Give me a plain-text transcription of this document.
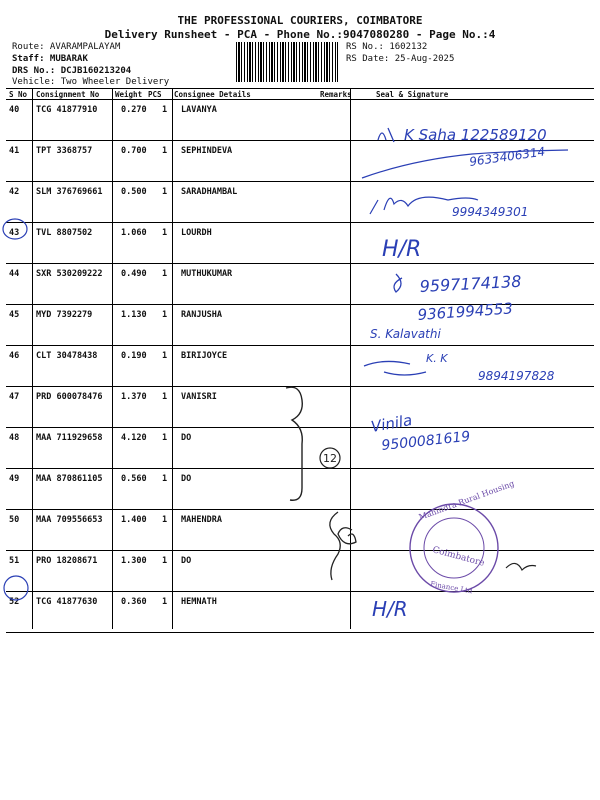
THE PROFESSIONAL COURIERS, COIMBATORE
Delivery Runsheet - PCA - Phone No.:9047080280 - Page No.:4
Route: AVARAMPALAYAM
Staff: MUBARAK
DRS No.: DCJB160213204
Vehicle: Two Wheeler Delivery
RS No.: 1602132
RS Date: 25-Aug-2025
S No Consignment No Weight PCS Consignee Details	Remarks	Seal & Signature
40 TCG 41877910	0.270 1 LAVANYA
41 TPT 3368757	0.700 1 SEPHINDEVA
42 SLM 376769661 0.500 1 SARADHAMBAL
43 TVL 8807502	1.060 1 LOURDH
44 SXR 530209222 0.490 1 MUTHUKUMAR
45 MYD 7392279	1.130 1 RANJUSHA
46 CLT 30478438	0.190 1 BIRIJOYCE
47 PRD 600078476 1.370 1 VANISRI
48 MAA 711929658 4.120 1 DO
49 MAA 870861105 0.560 1 DO
50 MAA 709556653 1.400 1 MAHENDRA
51 PRO 18208671	1.300 1 DO
52 TCG 41877630	0.360 1 HEMNATH
K Saha 122589120
9633406314
9994349301
H/R
9597174138
9361994553
S. Kalavathi
K. K
9894197828
12
Vinila
9500081619
Mahindra Rural Housing
Coimbatore
Finance Ltd
H/R
